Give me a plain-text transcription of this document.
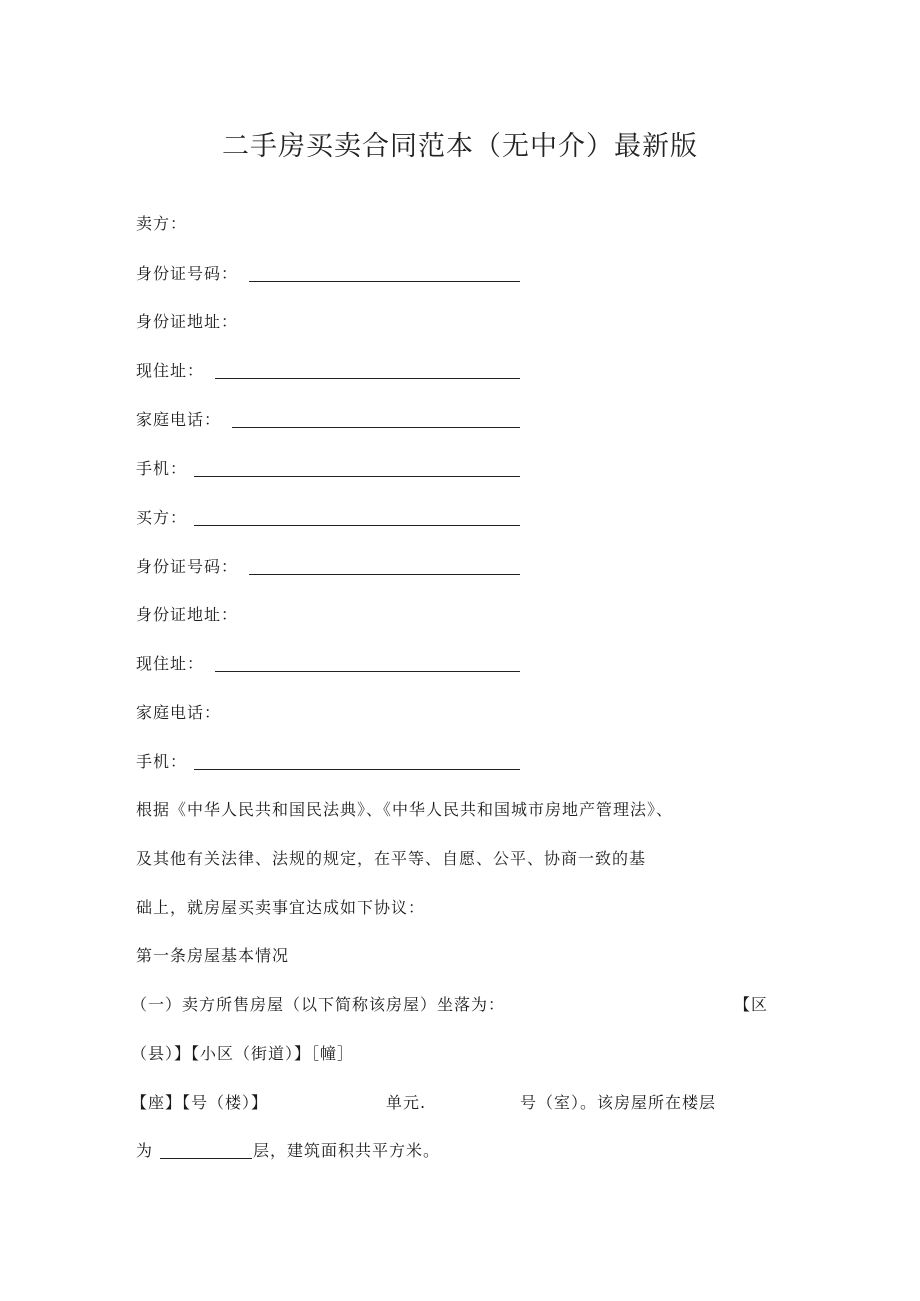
二手房买卖合同范本（无中介）最新版
卖方：
身份证号码：
身份证地址：
现住址：
家庭电话：
手机：
买方：
身份证号码：
身份证地址：
现住址：
家庭电话：
手机：
根据《中华人民共和国民法典》、《中华人民共和国城市房地产管理法》、
及其他有关法律、法规的规定，在平等、自愿、公平、协商一致的基
础上，就房屋买卖事宜达成如下协议：
第一条房屋基本情况
（一）卖方所售房屋（以下简称该房屋）坐落为：	【区
（县）】【小区（街道）】［幢］
【座】【号（楼）】	单元.	号（室）。该房屋所在楼层
为	层，建筑面积共平方米。
